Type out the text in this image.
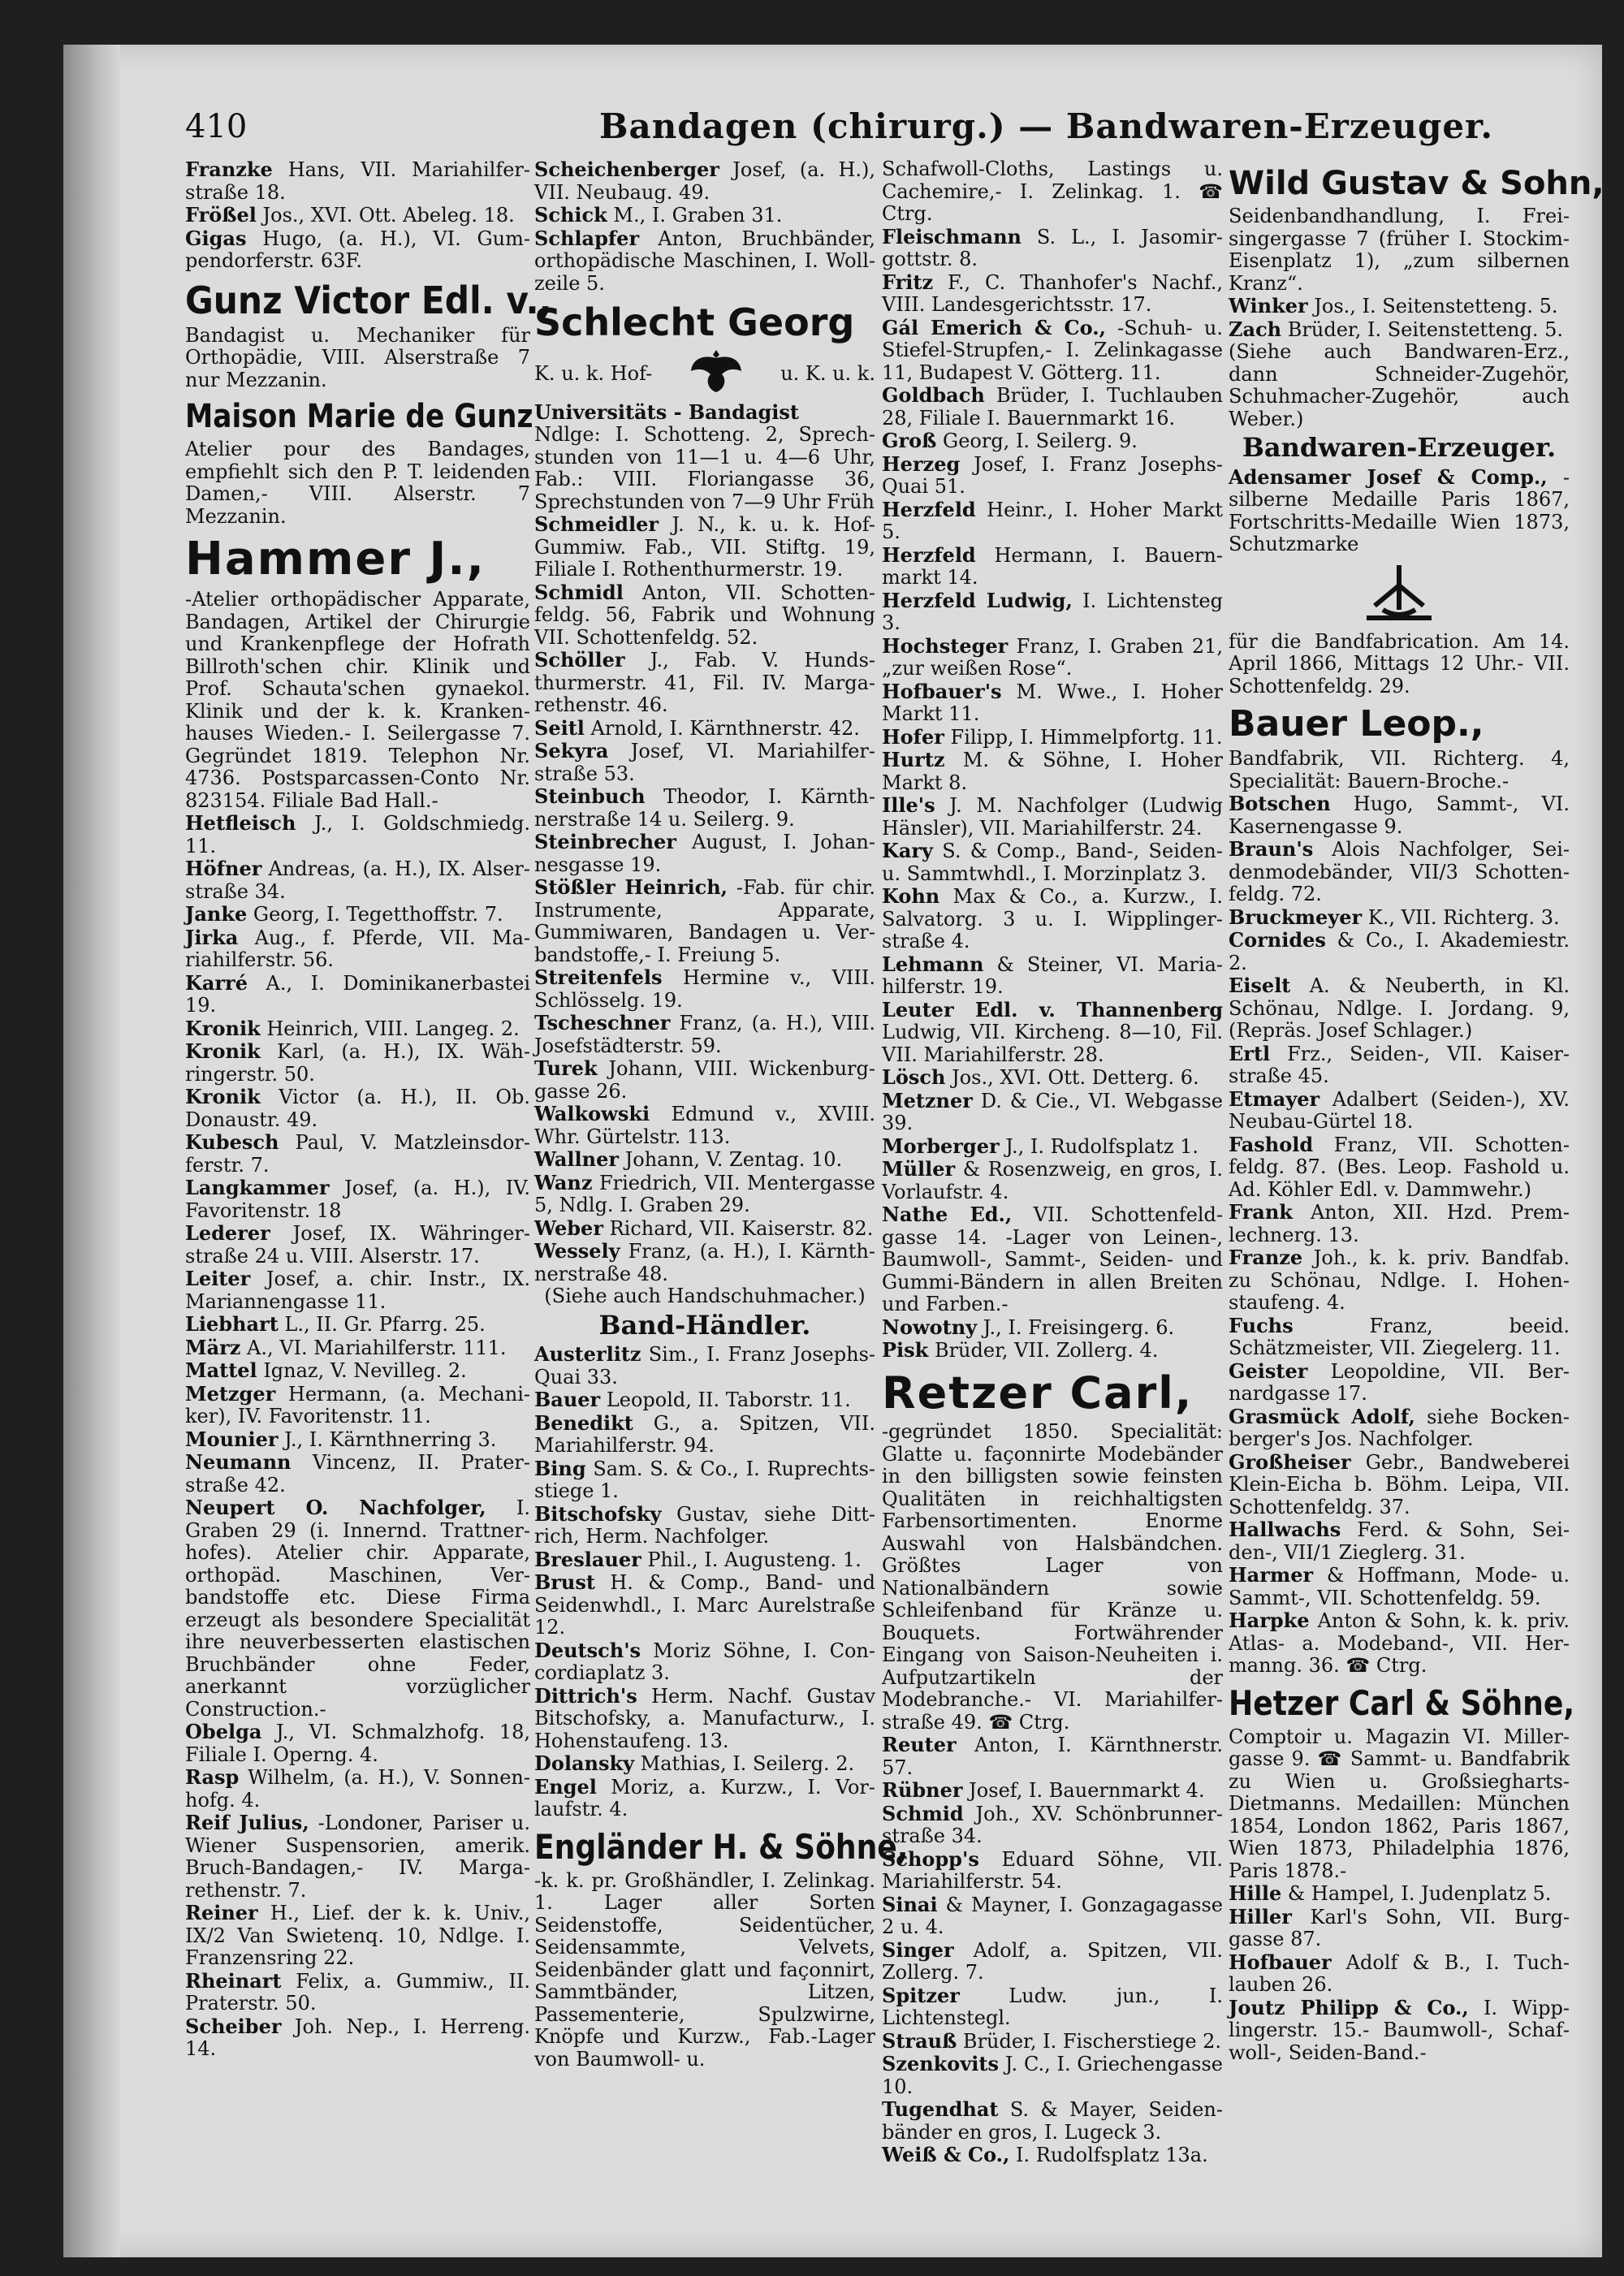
410	Bandagen (chirurg.) — Bandwaren-Erzeuger.

Franzke Hans, VII. Mariahilferstraße 18.

Frößel Jos., XVI. Ott. Abeleg. 18.

Gigas Hugo, (a. H.), VI. Gumpendorferstr. 63F.

Gunz Victor Edl. v.,

Bandagist u. Mechaniker für Orthopädie, VIII. Alserstraße 7 nur Mezzanin.

Maison Marie de Gunz

Atelier pour des Bandages, empfiehlt sich den P. T. leidenden Damen,- VIII. Alserstr. 7 Mezzanin.

Hammer J.,

-Atelier orthopädischer Apparate, Bandagen, Artikel der Chirurgie und Krankenpflege der Hofrath Billroth'schen chir. Klinik und Prof. Schauta'schen gynaekol. Klinik und der k. k. Krankenhauses Wieden.- I. Seilergasse 7. Gegründet 1819. Telephon Nr. 4736. Postsparcassen-Conto Nr. 823154. Filiale Bad Hall.-

Hetfleisch J., I. Goldschmiedg. 11.

Höfner Andreas, (a. H.), IX. Alserstraße 34.

Janke Georg, I. Tegetthoffstr. 7.

Jirka Aug., f. Pferde, VII. Mariahilferstr. 56.

Karré A., I. Dominikanerbastei 19.

Kronik Heinrich, VIII. Langeg. 2.

Kronik Karl, (a. H.), IX. Währingerstr. 50.

Kronik Victor (a. H.), II. Ob. Donaustr. 49.

Kubesch Paul, V. Matzleinsdorferstr. 7.

Langkammer Josef, (a. H.), IV. Favoritenstr. 18

Lederer Josef, IX. Währingerstraße 24 u. VIII. Alserstr. 17.

Leiter Josef, a. chir. Instr., IX. Mariannengasse 11.

Liebhart L., II. Gr. Pfarrg. 25.

März A., VI. Mariahilferstr. 111.

Mattel Ignaz, V. Nevilleg. 2.

Metzger Hermann, (a. Mechaniker), IV. Favoritenstr. 11.

Mounier J., I. Kärnthnerring 3.

Neumann Vincenz, II. Praterstraße 42.

Neupert O. Nachfolger, I. Graben 29 (i. Innernd. Trattnerhofes). Atelier chir. Apparate, orthopäd. Maschinen, Verbandstoffe etc. Diese Firma erzeugt als besondere Specialität ihre neuverbesserten elastischen Bruchbänder ohne Feder, anerkannt vorzüglicher Construction.-

Obelga J., VI. Schmalzhofg. 18, Filiale I. Operng. 4.

Rasp Wilhelm, (a. H.), V. Sonnenhofg. 4.

Reif Julius, -Londoner, Pariser u. Wiener Suspensorien, amerik. Bruch-Bandagen,- IV. Margarethenstr. 7.

Reiner H., Lief. der k. k. Univ., IX/2 Van Swietenq. 10, Ndlge. I. Franzensring 22.

Rheinart Felix, a. Gummiw., II. Praterstr. 50.

Scheiber Joh. Nep., I. Herreng. 14.

Scheichenberger Josef, (a. H.), VII. Neubaug. 49.

Schick M., I. Graben 31.

Schlapfer Anton, Bruchbänder, orthopädische Maschinen, I. Wollzeile 5.

Schlecht Georg
K. u. k. Hof-	u. K. u. k.

Universitäts - Bandagist

Ndlge: I. Schotteng. 2, Sprechstunden von 11—1 u. 4—6 Uhr, Fab.: VIII. Floriangasse 36, Sprechstunden von 7—9 Uhr Früh

Schmeidler J. N., k. u. k. Hof-Gummiw. Fab., VII. Stiftg. 19, Filiale I. Rothenthurmerstr. 19.

Schmidl Anton, VII. Schottenfeldg. 56, Fabrik und Wohnung VII. Schottenfeldg. 52.

Schöller J., Fab. V. Hundsthurmerstr. 41, Fil. IV. Margarethenstr. 46.

Seitl Arnold, I. Kärnthnerstr. 42.

Sekyra Josef, VI. Mariahilferstraße 53.

Steinbuch Theodor, I. Kärnthnerstraße 14 u. Seilerg. 9.

Steinbrecher August, I. Johannesgasse 19.

Stößler Heinrich, -Fab. für chir. Instrumente, Apparate, Gummiwaren, Bandagen u. Verbandstoffe,- I. Freiung 5.

Streitenfels Hermine v., VIII. Schlösselg. 19.

Tscheschner Franz, (a. H.), VIII. Josefstädterstr. 59.

Turek Johann, VIII. Wickenburggasse 26.

Walkowski Edmund v., XVIII. Whr. Gürtelstr. 113.

Wallner Johann, V. Zentag. 10.

Wanz Friedrich, VII. Mentergasse 5, Ndlg. I. Graben 29.

Weber Richard, VII. Kaiserstr. 82.

Wessely Franz, (a. H.), I. Kärnthnerstraße 48.

(Siehe auch Handschuhmacher.)
Band-Händler.

Austerlitz Sim., I. Franz Josephs-Quai 33.

Bauer Leopold, II. Taborstr. 11.

Benedikt G., a. Spitzen, VII. Mariahilferstr. 94.

Bing Sam. S. & Co., I. Ruprechtsstiege 1.

Bitschofsky Gustav, siehe Dittrich, Herm. Nachfolger.

Breslauer Phil., I. Augusteng. 1.

Brust H. & Comp., Band- und Seidenwhdl., I. Marc Aurelstraße 12.

Deutsch's Moriz Söhne, I. Concordiaplatz 3.

Dittrich's Herm. Nachf. Gustav Bitschofsky, a. Manufacturw., I. Hohenstaufeng. 13.

Dolansky Mathias, I. Seilerg. 2.

Engel Moriz, a. Kurzw., I. Vorlaufstr. 4.

Engländer H. & Söhne,

-k. k. pr. Großhändler, I. Zelinkag. 1. Lager aller Sorten Seidenstoffe, Seidentücher, Seidensammte, Velvets, Seidenbänder glatt und façonnirt, Sammtbänder, Litzen, Passementerie, Spulzwirne, Knöpfe und Kurzw., Fab.-Lager von Baumwoll- u.

Schafwoll-Cloths, Lastings u. Cachemire,- I. Zelinkag. 1. ☎ Ctrg.

Fleischmann S. L., I. Jasomirgottstr. 8.

Fritz F., C. Thanhofer's Nachf., VIII. Landesgerichtsstr. 17.

Gál Emerich & Co., -Schuh- u. Stiefel-Strupfen,- I. Zelinkagasse 11, Budapest V. Götterg. 11.

Goldbach Brüder, I. Tuchlauben 28, Filiale I. Bauernmarkt 16.

Groß Georg, I. Seilerg. 9.

Herzeg Josef, I. Franz Josephs-Quai 51.

Herzfeld Heinr., I. Hoher Markt 5.

Herzfeld Hermann, I. Bauernmarkt 14.

Herzfeld Ludwig, I. Lichtensteg 3.

Hochsteger Franz, I. Graben 21, „zur weißen Rose“.

Hofbauer's M. Wwe., I. Hoher Markt 11.

Hofer Filipp, I. Himmelpfortg. 11.

Hurtz M. & Söhne, I. Hoher Markt 8.

Ille's J. M. Nachfolger (Ludwig Hänsler), VII. Mariahilferstr. 24.

Kary S. & Comp., Band-, Seiden- u. Sammtwhdl., I. Morzinplatz 3.

Kohn Max & Co., a. Kurzw., I. Salvatorg. 3 u. I. Wipplingerstraße 4.

Lehmann & Steiner, VI. Mariahilferstr. 19.

Leuter Edl. v. Thannenberg Ludwig, VII. Kircheng. 8—10, Fil. VII. Mariahilferstr. 28.

Lösch Jos., XVI. Ott. Detterg. 6.

Metzner D. & Cie., VI. Webgasse 39.

Morberger J., I. Rudolfsplatz 1.

Müller & Rosenzweig, en gros, I. Vorlaufstr. 4.

Nathe Ed., VII. Schottenfeldgasse 14. -Lager von Leinen-, Baumwoll-, Sammt-, Seiden- und Gummi-Bändern in allen Breiten und Farben.-

Nowotny J., I. Freisingerg. 6.

Pisk Brüder, VII. Zollerg. 4.

Retzer Carl,

-gegründet 1850. Specialität: Glatte u. façonnirte Modebänder in den billigsten sowie feinsten Qualitäten in reichhaltigsten Farbensortimenten. Enorme Auswahl von Halsbändchen. Größtes Lager von Nationalbändern sowie Schleifenband für Kränze u. Bouquets. Fortwährender Eingang von Saison-Neuheiten i. Aufputzartikeln der Modebranche.- VI. Mariahilferstraße 49. ☎ Ctrg.

Reuter Anton, I. Kärnthnerstr. 57.

Rübner Josef, I. Bauernmarkt 4.

Schmid Joh., XV. Schönbrunnerstraße 34.

Schopp's Eduard Söhne, VII. Mariahilferstr. 54.

Sinai & Mayner, I. Gonzagagasse 2 u. 4.

Singer Adolf, a. Spitzen, VII. Zollerg. 7.

Spitzer Ludw. jun., I. Lichtenstegl.

Strauß Brüder, I. Fischerstiege 2.

Szenkovits J. C., I. Griechengasse 10.

Tugendhat S. & Mayer, Seidenbänder en gros, I. Lugeck 3.

Weiß & Co., I. Rudolfsplatz 13a.

Wild Gustav & Sohn,

Seidenbandhandlung, I. Freisingergasse 7 (früher I. Stockim-Eisenplatz 1), „zum silbernen Kranz“.

Winker Jos., I. Seitenstetteng. 5.

Zach Brüder, I. Seitenstetteng. 5.

(Siehe auch Bandwaren-Erz., dann Schneider-Zugehör, Schuhmacher-Zugehör, auch Weber.)

Bandwaren-Erzeuger.

Adensamer Josef & Comp., -silberne Medaille Paris 1867, Fortschritts-Medaille Wien 1873, Schutzmarke

für die Bandfabrication. Am 14. April 1866, Mittags 12 Uhr.- VII. Schottenfeldg. 29.

Bauer Leop.,

Bandfabrik, VII. Richterg. 4, Specialität: Bauern-Broche.-

Botschen Hugo, Sammt-, VI. Kasernengasse 9.

Braun's Alois Nachfolger, Seidenmodebänder, VII/3 Schottenfeldg. 72.

Bruckmeyer K., VII. Richterg. 3.

Cornides & Co., I. Akademiestr. 2.

Eiselt A. & Neuberth, in Kl. Schönau, Ndlge. I. Jordang. 9, (Repräs. Josef Schlager.)

Ertl Frz., Seiden-, VII. Kaiserstraße 45.

Etmayer Adalbert (Seiden-), XV. Neubau-Gürtel 18.

Fashold Franz, VII. Schottenfeldg. 87. (Bes. Leop. Fashold u. Ad. Köhler Edl. v. Dammwehr.)

Frank Anton, XII. Hzd. Premlechnerg. 13.

Franze Joh., k. k. priv. Bandfab. zu Schönau, Ndlge. I. Hohenstaufeng. 4.

Fuchs Franz, beeid. Schätzmeister, VII. Ziegelerg. 11.

Geister Leopoldine, VII. Bernardgasse 17.

Grasmück Adolf, siehe Bockenberger's Jos. Nachfolger.

Großheiser Gebr., Bandweberei Klein-Eicha b. Böhm. Leipa, VII. Schottenfeldg. 37.

Hallwachs Ferd. & Sohn, Seiden-, VII/1 Zieglerg. 31.

Harmer & Hoffmann, Mode- u. Sammt-, VII. Schottenfeldg. 59.

Harpke Anton & Sohn, k. k. priv. Atlas- a. Modeband-, VII. Hermanng. 36. ☎ Ctrg.

Hetzer Carl & Söhne,

Comptoir u. Magazin VI. Millergasse 9. ☎ Sammt- u. Bandfabrik zu Wien u. Großsiegharts-Dietmanns. Medaillen: München 1854, London 1862, Paris 1867, Wien 1873, Philadelphia 1876, Paris 1878.-

Hille & Hampel, I. Judenplatz 5.

Hiller Karl's Sohn, VII. Burggasse 87.

Hofbauer Adolf & B., I. Tuchlauben 26.

Joutz Philipp & Co., I. Wipplingerstr. 15.- Baumwoll-, Schafwoll-, Seiden-Band.-
